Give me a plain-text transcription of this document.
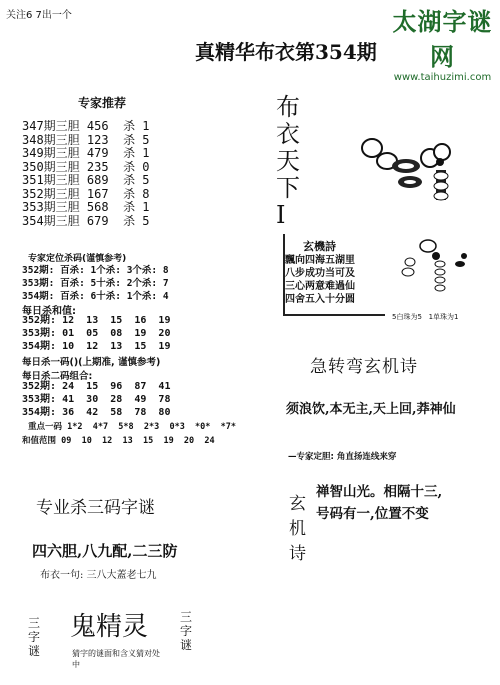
关注6 7出一个	太湖字谜网
www.taihuzimi.com
真精华布衣第354期
专家推荐
347期三胆 456 杀 1
348期三胆 123 杀 5
349期三胆 479 杀 1
350期三胆 235 杀 0
351期三胆 689 杀 5
352期三胆 167 杀 8
353期三胆 568 杀 1
354期三胆 679 杀 5
专家定位杀码(谨慎参考)
352期: 百杀: 1个杀: 3个杀: 8
353期: 百杀: 5十杀: 2个杀: 7
354期: 百杀: 6十杀: 1个杀: 4
每日杀和值:
352期: 12  13  15  16  19
353期: 01  05  08  19  20
354期: 10  12  13  15  19
每日杀一码()(上期准, 谨慎参考)
每日杀二码组合:
352期: 24  15  96  87  41
353期: 41  30  28  49  78
354期: 36  42  58  78  80
重点一码 1*2  4*7  5*8  2*3  0*3  *0*  *7*
和值范围 09  10  12  13  15  19  20  24
专业杀三码字谜
四六胆,八九配,二三防
布衣一句: 三八大蓋老七九
三字谜
鬼精灵	三字谜
猜字的谜面和含义猜对处中
布衣天下I
玄機詩
飄向四海五湖里
八步成功当可及
三心两意难過仙
四舍五入十分圆
5白珠为5   1单珠为1
急转弯玄机诗
须浪饮,本无主,天上回,莽神仙
—专家定胆: 角直扬连线来穿
玄机诗
禅智山光。相隔十三,
号码有一,位置不变
